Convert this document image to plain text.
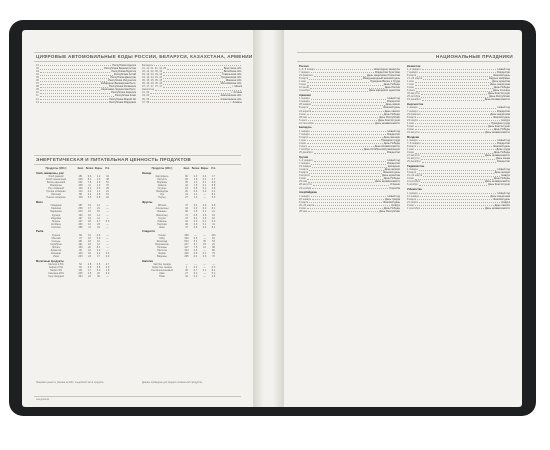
ЦИФРОВЫЕ АВТОМОБИЛЬНЫЕ КОДЫ РОССИИ, БЕЛАРУСИ, КАЗАХСТАНА, АРМЕНИИ
01	Республика Адыгея
02	Республика Башкортостан
03	Республика Бурятия
04	Республика Алтай
05	Республика Дагестан
06	Республика Ингушетия
07	Кабардино-Балкарская Респ.
08	Республика Калмыкия
09	Карачаево-Черкесская Респ.
10	Республика Карелия
11	Республика Коми
12	Республика Марий Эл
13	Республика Мордовия
Беларусь
01, 11, 21, 31, 41, 80	Брестская обл.
02, 12, 22, 32, 42	Витебская обл.
03, 13, 23, 33, 43	Гомельская обл.
04, 14, 24, 34, 44	Гродненская обл.
05, 15, 25, 35, 45	Минская обл.
06, 16, 26, 36, 46	Могилёвская обл.
07, 17, 27, 37, 47	г. Минск
Казахстан
01, 02	г. Астана
03, 04	Акмолинская обл.
05, 06	Алматинская обл.
07, 08	г. Алматы
ЭНЕРГЕТИЧЕСКАЯ И ПИТАТЕЛЬНАЯ ЦЕННОСТЬ ПРОДУКТОВ
Продукты (100 г)	Ккал Белки Жиры	Угл.
Хлеб, макароны, рис
Хлеб ржаной	181	6.6	1.2	34
Хлеб пшеничный	246	8.1	1.0	48
Батон нарезной	262	7.5	2.9	51
Макароны	338	11	1.3	70
Рис отварной	116	2.2	0.5	25
Гречка отварная	110	4.2	1.1	21
Овсянка	88	3.2	1.8	15
Пшено отварное	109	3.5	0.8	22
Мясо
Говядина	187	19	12	—
Свинина	259	17	21	—
Баранина	203	16	15	—
Курица	190	16	14	—
Индейка	197	19	12	—
Печень	127	18	3.7	5.3
Колбаса	263	12	23	—
Сосиски	266	11	24	—
Рыба
Треска	69	16	0.6	—
Минтай	72	16	0.9	—
Сельдь	161	18	10	—
Скумбрия	191	18	13	—
Лосось	153	20	8.1	—
Креветки	95	19	2.2	—
Кальмар	100	18	2.2	2.0
Икра	263	24	17	4.0
Молочные продукты
Молоко 2,5%	52	2.8	2.5	4.7
Кефир 2,5%	50	2.9	2.5	4.0
Творог 5%	121	17	5.0	1.8
Сметана 20%	206	2.8	20	3.2
Сыр твёрдый	364	23	30	—
Продукты (100 г)	Ккал Белки Жиры	Угл.
Овощи
Картофель	80	2.0	0.4	17
Капуста	28	1.8	0.1	4.7
Морковь	35	1.3	0.1	6.9
Свёкла	42	1.5	0.1	8.8
Огурцы	15	0.8	0.1	2.8
Помидоры	20	0.6	0.2	4.2
Лук	41	1.4	—	8.2
Перец	27	1.3	—	5.3
Фрукты
Яблоки	47	0.4	0.4	9.8
Апельсины	43	0.9	0.2	8.1
Бананы	96	1.5	0.2	21
Виноград	72	0.6	0.6	15
Груши	47	0.4	0.3	10
Лимоны	34	0.9	0.1	3.0
Персики	46	0.9	0.1	11
Киви	47	0.8	0.4	8.1
Сладости
Сахар	399	—	—	100
Мёд	329	0.8	—	81
Шоколад	544	5.4	35	53
Мороженое	227	3.7	15	22
Печенье	417	7.5	12	68
Пастила	324	0.5	—	80
Зефир	326	0.8	0.1	79
Варенье	265	0.4	0.3	70
Напитки
Чай без сахара	—	—	—	—
Кофе без сахара	2	0.2	—	0.3
Сок апельсиновый	36	0.7	0.1	8.1
Квас	27	0.2	—	5.2
Пиво	42	0.3	—	4.6
Пищевая ценность указана на 100 г съедобной части продукта.	Данные приведены для средних показателей продуктов.
ежедневник
НАЦИОНАЛЬНЫЕ ПРАЗДНИКИ
Россия
1–6, 8 января	Новогодние каникулы
7 января	Рождество Христово
23 февраля	День защитника Отечества
8 марта	Международный женский день
1 мая	Праздник Весны и Труда
9 мая	День Победы
12 июня	День России
4 ноября	День народного единства
Армения
1 января	Новый год
6 января	Рождество
28 января	День армии
8 марта	Женский день
24 апреля	День памяти
9 мая	День Победы
28 мая	День Республики
5 июля	День Конституции
21 сентября	День независимости
Беларусь
1 января	Новый год
7 января	Рождество
8 марта	День женщин
1 мая	Праздник труда
9 мая	День Победы
3 июля	День Независимости
7 ноября	День Октябрьской революции
25 декабря	Рождество
Грузия
1–2 января	Новый год
7 января	Рождество
19 января	Крещение
3 марта	День матери
8 марта	Женский день
9 апреля	День единства
9 мая	День Победы
26 мая	День независимости
28 августа	Успение
23 ноября	Гиоргоба
Азербайджан
1 января	Новый год
20 января	День траура
8 марта	Женский день
20–24 марта	Новруз
9 мая	День Победы
28 мая	День Республики
Казахстан
1–2 января	Новый год
7 января	Рождество
8 марта	Женский день
21–23 марта	Наурыз мейрамы
1 мая	День единства
7 мая	День защитника
9 мая	День Победы
6 июля	День столицы
30 августа	День Конституции
25 октября	День Республики
16 декабря	День Независимости
Кыргызстан
1 января	Новый год
7 января	Рождество
23 февраля	День защитника
8 марта	Женский день
21 марта	Нооруз
1 мая	Праздник труда
5 мая	День Конституции
9 мая	День Победы
31 августа	День независимости
Молдова
1 января	Новый год
7–8 января	Рождество
8 марта	Женский день
1 мая	День труда
9 мая	День Победы
27 августа	День независимости
31 августа	День языка
25 декабря	Рождество
Таджикистан
1 января	Новый год
8 марта	День матери
21–24 марта	Навруз
9 мая	День Победы
9 сентября	День независимости
6 ноября	День Конституции
Узбекистан
1 января	Новый год
14 января	День защитника
8 марта	Женский день
21 марта	Навруз
9 мая	День памяти
1 сентября	День независимости
